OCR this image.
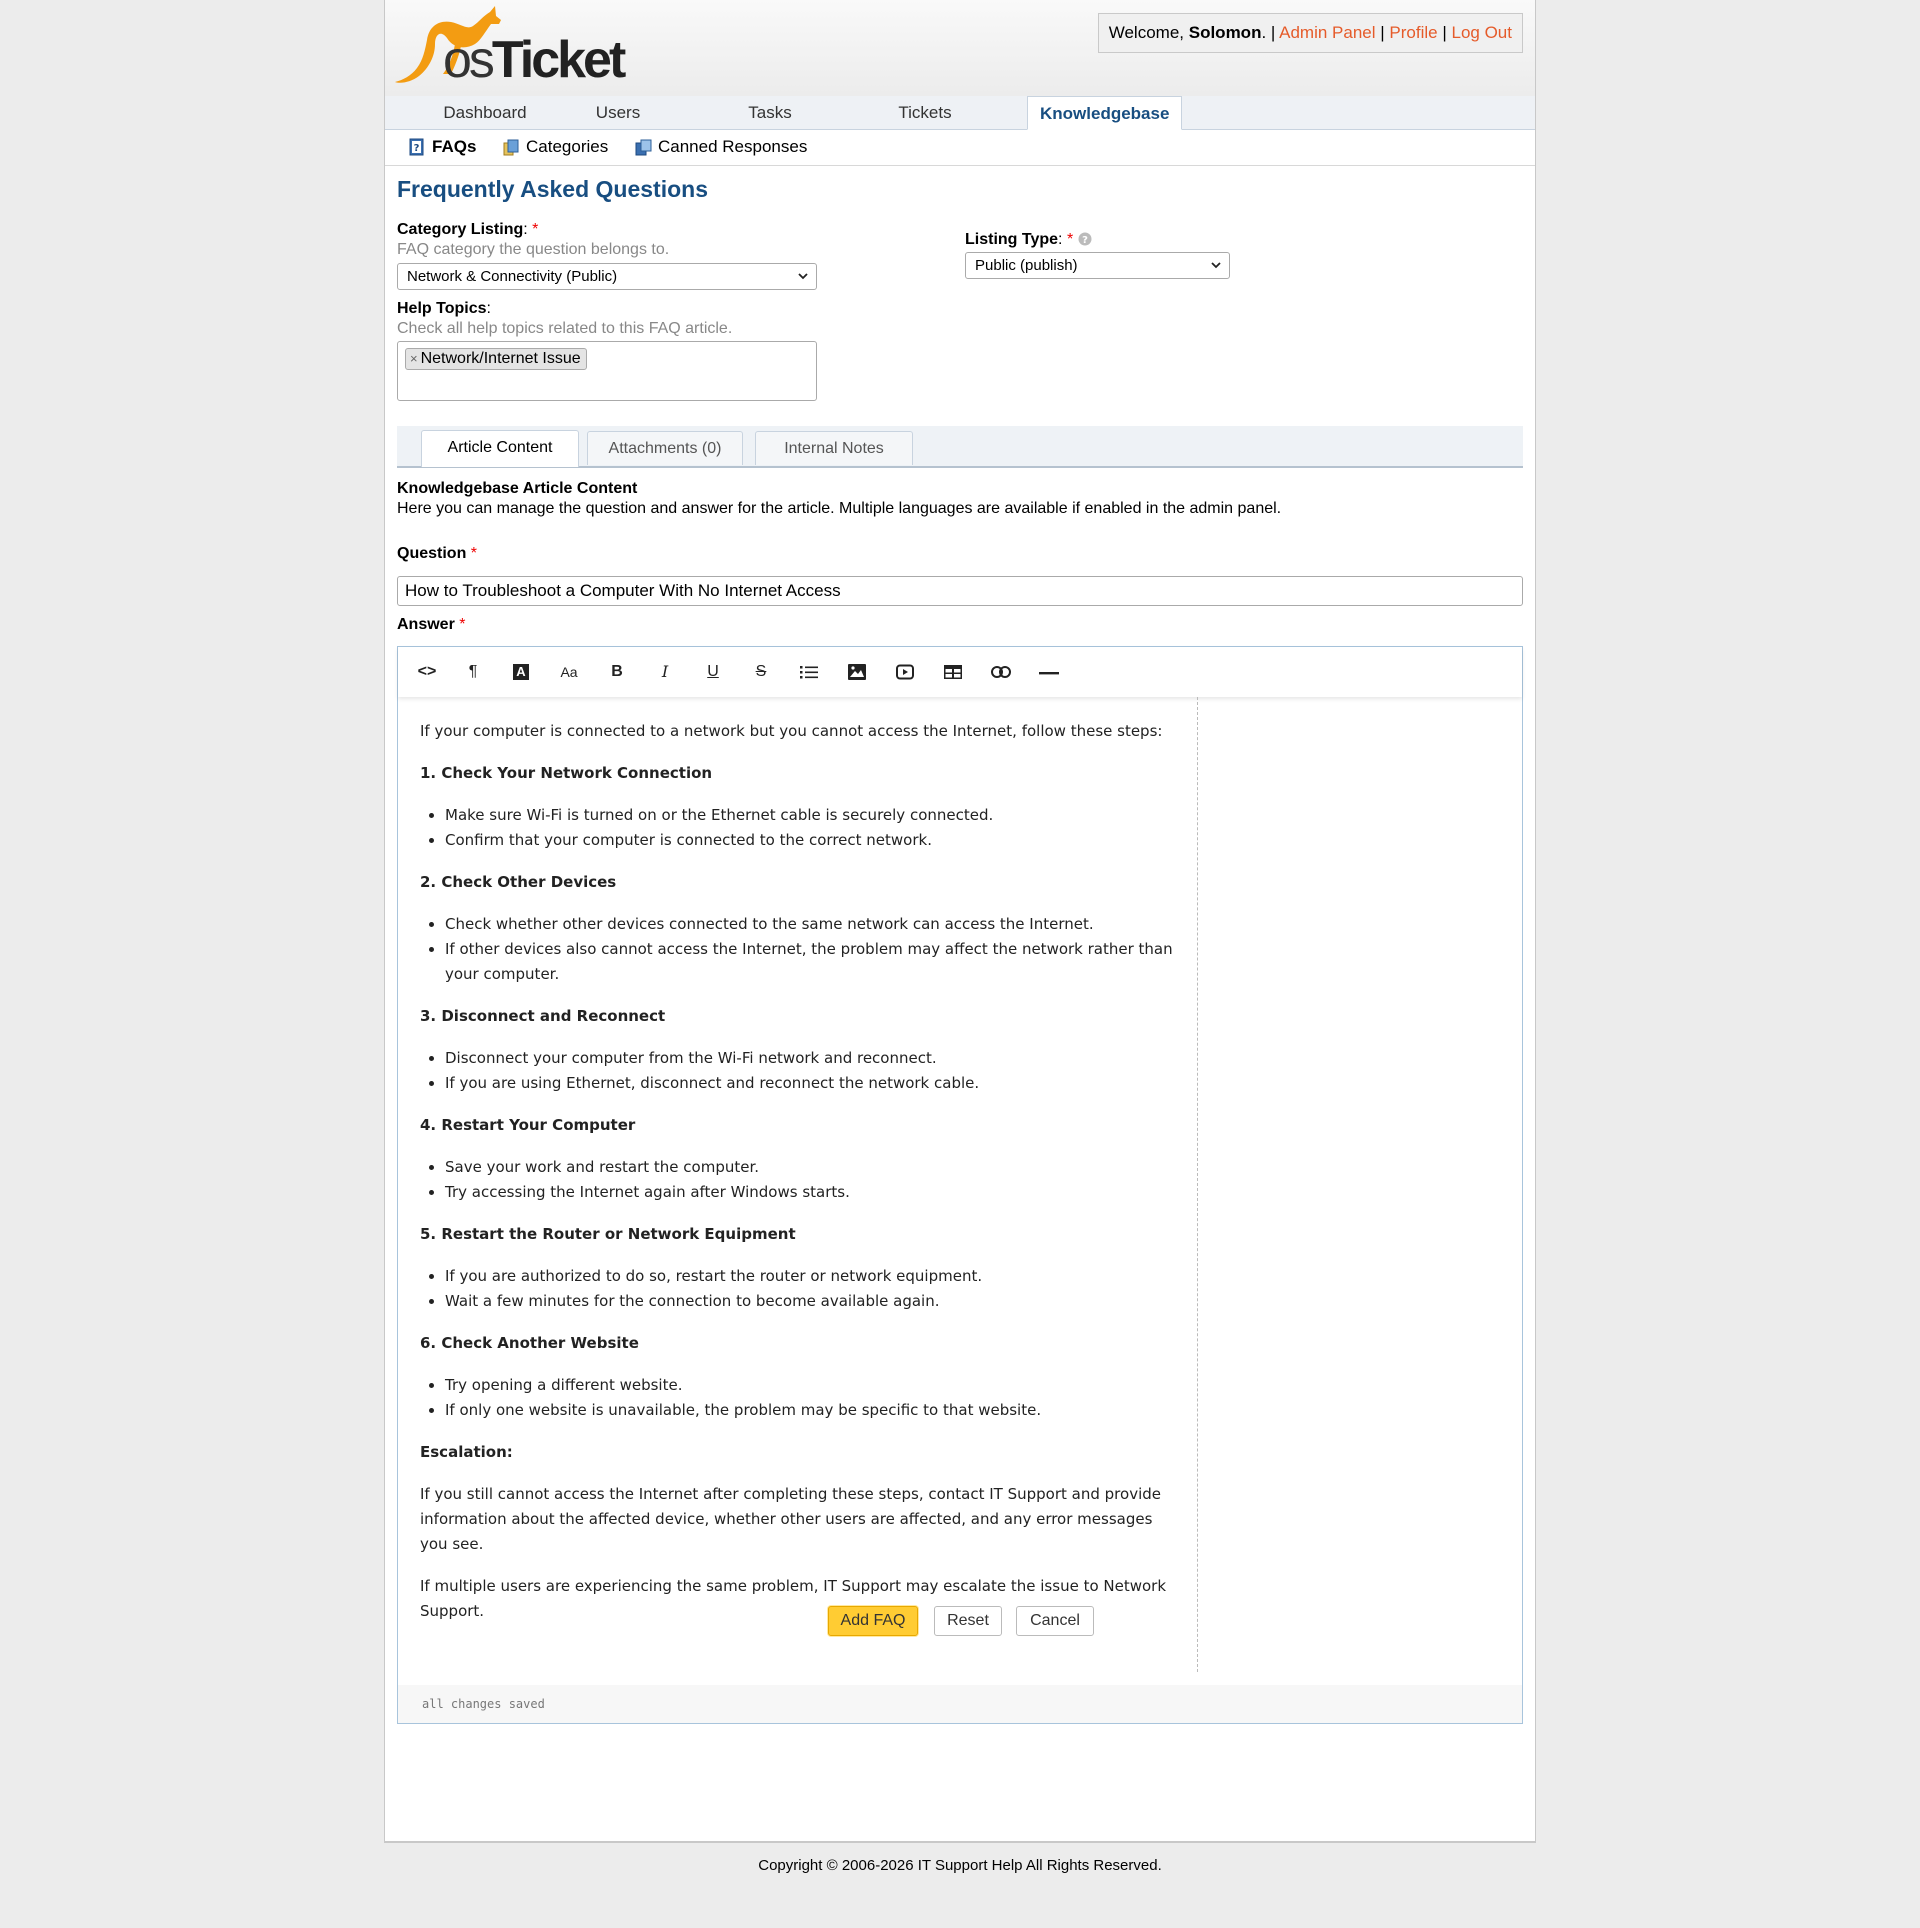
osTicket	Welcome, Solomon. | Admin Panel | Profile | Log Out
Dashboard	Users	Tasks	Tickets	Knowledgebase
? FAQs	Categories	Canned Responses
Frequently Asked Questions
Category Listing: *
FAQ category the question belongs to.
Network & Connectivity (Public)
Listing Type: * ?
Public (publish)
Help Topics:
Check all help topics related to this FAQ article.
× Network/Internet Issue
Article Content	Attachments (0)	Internal Notes
Knowledgebase Article Content
Here you can manage the question and answer for the article. Multiple languages are available if enabled in the admin panel.
Question *
How to Troubleshoot a Computer With No Internet Access
Answer *
<>	¶	A	Aa	B	I	U	S

If your computer is connected to a network but you cannot access the Internet, follow these steps:

1. Check Your Network Connection

• Make sure Wi-Fi is turned on or the Ethernet cable is securely connected.
• Confirm that your computer is connected to the correct network.

2. Check Other Devices

• Check whether other devices connected to the same network can access the Internet.
• If other devices also cannot access the Internet, the problem may affect the network rather than your computer.

3. Disconnect and Reconnect

• Disconnect your computer from the Wi-Fi network and reconnect.
• If you are using Ethernet, disconnect and reconnect the network cable.

4. Restart Your Computer

• Save your work and restart the computer.
• Try accessing the Internet again after Windows starts.

5. Restart the Router or Network Equipment

• If you are authorized to do so, restart the router or network equipment.
• Wait a few minutes for the connection to become available again.

6. Check Another Website

• Try opening a different website.
• If only one website is unavailable, the problem may be specific to that website.

Escalation:

If you still cannot access the Internet after completing these steps, contact IT Support and provide information about the affected device, whether other users are affected, and any error messages you see.

If multiple users are experiencing the same problem, IT Support may escalate the issue to Network Support.

all changes saved
Add FAQ	Reset	Cancel
Copyright © 2006-2026 IT Support Help All Rights Reserved.
